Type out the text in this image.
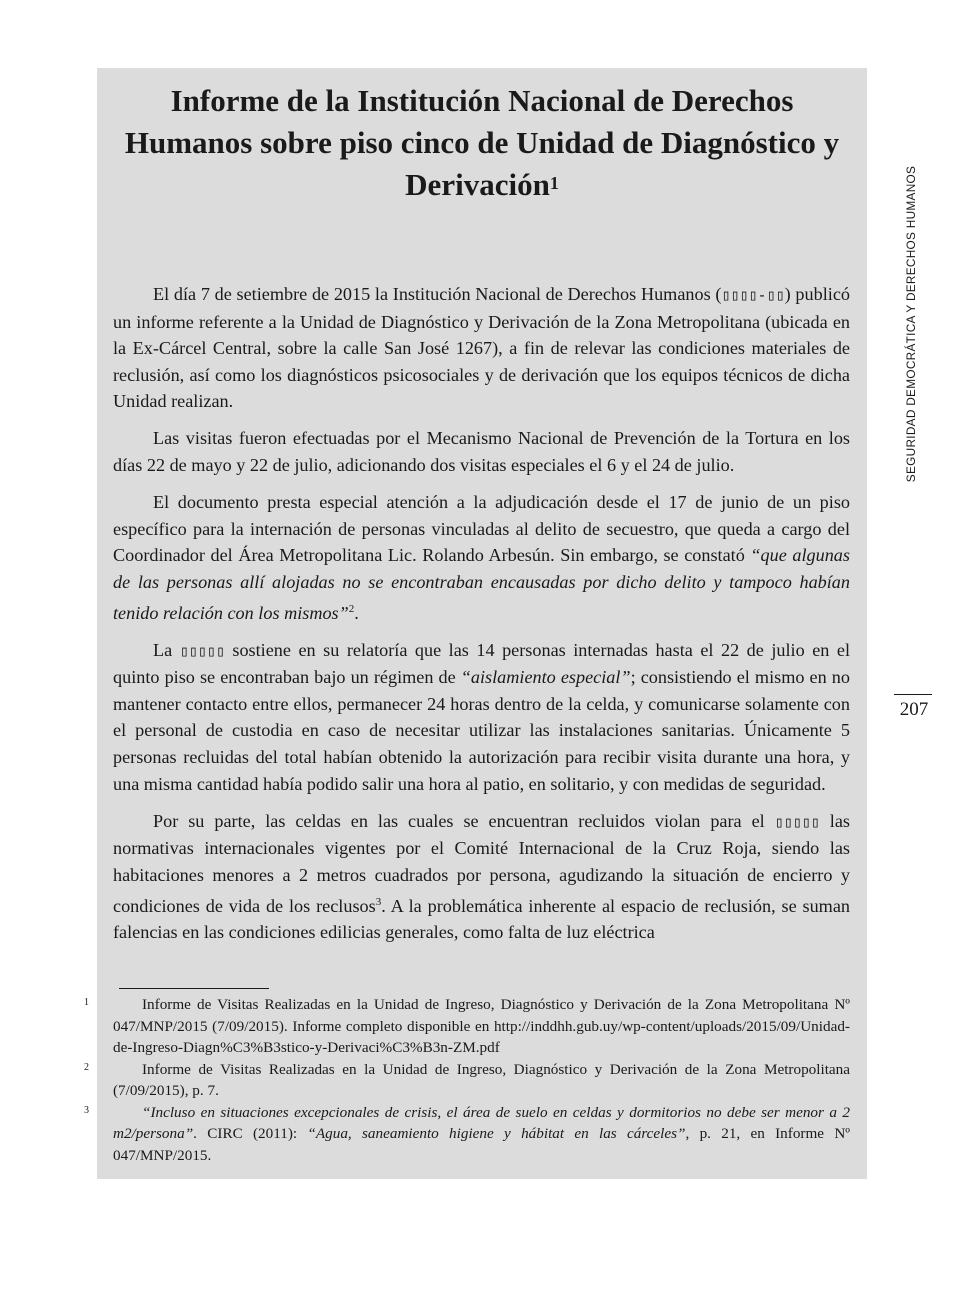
Informe de la Institución Nacional de Derechos Humanos sobre piso cinco de Unidad de Diagnóstico y Derivación$^1$

El día 7 de setiembre de 2015 la Institución Nacional de Derechos Humanos (▯▯▯▯-▯▯) publicó un informe referente a la Unidad de Diagnóstico y Derivación de la Zona Metropolitana (ubicada en la Ex-Cárcel Central, sobre la calle San José 1267), a fin de relevar las condiciones materiales de reclusión, así como los diagnósticos psicosociales y de derivación que los equipos técnicos de dicha Unidad realizan.

Las visitas fueron efectuadas por el Mecanismo Nacional de Prevención de la Tortura en los días 22 de mayo y 22 de julio, adicionando dos visitas especiales el 6 y el 24 de julio.

El documento presta especial atención a la adjudicación desde el 17 de junio de un piso específico para la internación de personas vinculadas al delito de secuestro, que queda a cargo del Coordinador del Área Metropolitana Lic. Rolando Arbesún. Sin embargo, se constató “que algunas de las personas allí alojadas no se encontraban encausadas por dicho delito y tampoco habían tenido relación con los mismos”$^2$.

La ▯▯▯▯▯ sostiene en su relatoría que las 14 personas internadas hasta el 22 de julio en el quinto piso se encontraban bajo un régimen de “aislamiento especial”; consistiendo el mismo en no mantener contacto entre ellos, permanecer 24 horas dentro de la celda, y comunicarse solamente con el personal de custodia en caso de necesitar utilizar las instalaciones sanitarias. Únicamente 5 personas recluidas del total habían obtenido la autorización para recibir visita durante una hora, y una misma cantidad había podido salir una hora al patio, en solitario, y con medidas de seguridad.

Por su parte, las celdas en las cuales se encuentran recluidos violan para el ▯▯▯▯▯ las normativas internacionales vigentes por el Comité Internacional de la Cruz Roja, siendo las habitaciones menores a 2 metros cuadrados por persona, agudizando la situación de encierro y condiciones de vida de los reclusos$^3$. A la problemática inherente al espacio de reclusión, se suman falencias en las condiciones edilicias generales, como falta de luz eléctrica

1	Informe de Visitas Realizadas en la Unidad de Ingreso, Diagnóstico y Derivación de la Zona Metropolitana Nº 047/MNP/2015 (7/09/2015). Informe completo disponible en http://inddhh.gub.uy/wp-content/uploads/2015/09/Unidad-de-Ingreso-Diagn%C3%B3stico-y-Derivaci%C3%B3n-ZM.pdf

2	Informe de Visitas Realizadas en la Unidad de Ingreso, Diagnóstico y Derivación de la Zona Metropolitana (7/09/2015), p. 7.

3	“Incluso en situaciones excepcionales de crisis, el área de suelo en celdas y dormitorios no debe ser menor a 2 m2/persona”. CIRC (2011): “Agua, saneamiento higiene y hábitat en las cárceles”, p. 21, en Informe Nº 047/MNP/2015.

SEGURIDAD DEMOCRÁTICA Y DERECHOS HUMANOS
207
